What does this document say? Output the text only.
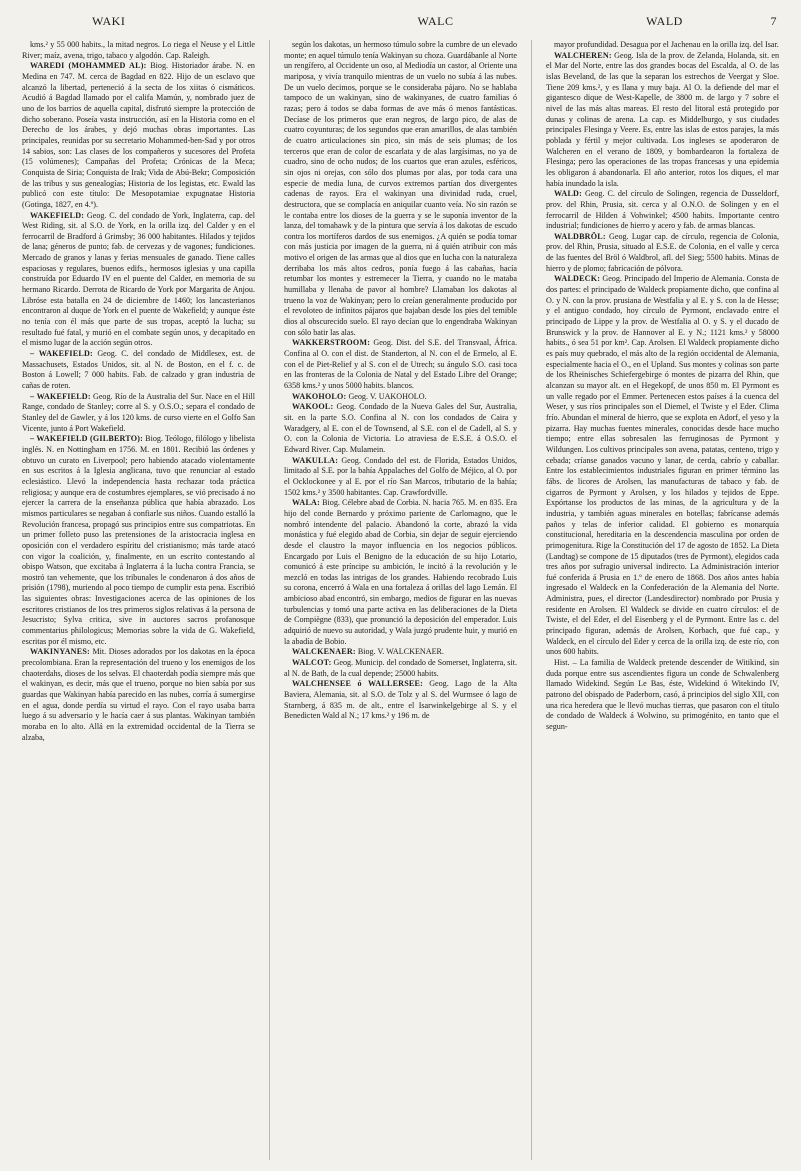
WAKI	WALC	WALD	7

kms.² y 55 000 habits., la mitad negros. Lo riega el Neuse y el Little River; maíz, avena, trigo, tabaco y algodón. Cap. Raleigh.

WAREDI (MOHAMMED AL): Biog. Historiador árabe. N. en Medina en 747. M. cerca de Bagdad en 822. Hijo de un esclavo que alcanzó la libertad, perteneció á la secta de los xiitas ó cismáticos. Acudió á Bagdad llamado por el califa Mamún, y, nombrado juez de uno de los barrios de aquella capital, disfrutó siempre la protección de dicho soberano. Poseía vasta instrucción, así en la Historia como en el Derecho de los árabes, y dejó muchas obras importantes. Las principales, reunidas por su secretario Mohammed-ben-Sad y por otros 14 sabios, son: Las clases de los compañeros y sucesores del Profeta (15 volúmenes); Campañas del Profeta; Crónicas de la Meca; Conquista de Siria; Conquista de Irak; Vida de Abú-Bekr; Composición de las tribus y sus genealogías; Historia de los legistas, etc. Ewald las publicó con este título: De Mesopotamiae expugnatae Historia (Gotinga, 1827, en 4.º).

WAKEFIELD: Geog. C. del condado de York, Inglaterra, cap. del West Riding, sit. al S.O. de York, en la orilla izq. del Calder y en el ferrocarril de Bradford á Grimsby; 36 000 habitantes. Hilados y tejidos de lana; géneros de punto; fab. de cervezas y de vagones; fundiciones. Mercado de granos y lanas y ferias mensuales de ganado. Tiene calles espaciosas y regulares, buenos edifs., hermosos iglesias y una capilla construída por Eduardo IV en el puente del Calder, en memoria de su hermano Ricardo. Derrota de Ricardo de York por Margarita de Anjou. Libróse esta batalla en 24 de diciembre de 1460; los lancasterianos encontraron al duque de York en el puente de Wakefield; y aunque éste no tenía con él más que parte de sus tropas, aceptó la lucha; su resultado fué fatal, y murió en el combate según unos, y decapitado en el mismo lugar de la acción según otros.

– WAKEFIELD: Geog. C. del condado de Middlesex, est. de Massachusets, Estados Unidos, sit. al N. de Boston, en el f. c. de Boston á Lowell; 7 000 habits. Fab. de calzado y gran industria de cañas de roten.

– WAKEFIELD: Geog. Río de la Australia del Sur. Nace en el Hill Range, condado de Stanley; corre al S. y O.S.O.; separa el condado de Stanley del de Gawler, y á los 120 kms. de curso vierte en el Golfo San Vicente, junto á Port Wakefield.

– WAKEFIELD (GILBERTO): Biog. Teólogo, filólogo y libelista inglés. N. en Nottingham en 1756. M. en 1801. Recibió las órdenes y obtuvo un curato en Liverpool; pero habiendo atacado violentamente en sus escritos á la Iglesia anglicana, tuvo que renunciar al estado eclesiástico. Llevó la independencia hasta rechazar toda práctica religiosa; y aunque era de costumbres ejemplares, se vió precisado á no ejercer la carrera de la enseñanza pública que había abrazado. Los mismos particulares se negaban á confiarle sus niños. Cuando estalló la Revolución francesa, propagó sus principios entre sus compatriotas. En un primer folleto puso las pretensiones de la aristocracia inglesa en oposición con el verdadero espíritu del cristianismo; más tarde atacó con vigor la coalición, y, finalmente, en un escrito contestando al obispo Watson, que excitaba á Inglaterra á la lucha contra Francia, se mostró tan vehemente, que los tribunales le condenaron á dos años de prisión (1798), muriendo al poco tiempo de cumplir esta pena. Escribió las siguientes obras: Investigaciones acerca de las opiniones de los escritores cristianos de los tres primeros siglos relativas á la persona de Jesucristo; Sylva critica, sive in auctores sacros profanosque commentarius philologicus; Memorias sobre la vida de G. Wakefield, escritas por él mismo, etc.

WAKINYANES: Mit. Dioses adorados por los dakotas en la época precolombiana. Eran la representación del trueno y los enemigos de los chaoterdahs, dioses de los selvas. El chaoterdah podía siempre más que el wakinyan, es decir, más que el trueno, porque no bien sabía por sus guardas que Wakinyan había parecido en las nubes, corría á sumergirse en el agua, donde perdía su virtud el rayo. Con el rayo usaba barra luego á su adversario y le hacía caer á sus plantas. Wakinyan también moraba en lo alto. Allá en la extremidad occidental de la Tierra se alzaba,

según los dakotas, un hermoso túmulo sobre la cumbre de un elevado monte; en aquel túmulo tenía Wakinyan su choza. Guardábanle al Norte un rengífero, al Occidente un oso, al Mediodía un castor, al Oriente una mariposa, y vivía tranquilo mientras de un vuelo no subía á las nubes. De un vuelo decimos, porque se le consideraba pájaro. No se hablaba tampoco de un wakinyan, sino de wakinyanes, de cuatro familias ó razas; pero á todos se daba formas de ave más ó menos fantásticas. Decíase de los primeros que eran negros, de largo pico, de alas de cuatro coyunturas; de los segundos que eran amarillos, de alas también de cuatro articulaciones sin pico, sin más de seis plumas; de los terceros que eran de color de escarlata y de alas largísimas, no ya de cuadro, sino de ocho nudos; de los cuartos que eran azules, esféricos, sin ojos ni orejas, con sólo dos plumas por alas, por toda cara una especie de media luna, de curvos extremos partían dos divergentes cadenas de rayos. Era el wakinyan una divinidad ruda, cruel, destructora, que se complacía en aniquilar cuanto veía. No sin razón se le contaba entre los dioses de la guerra y se le suponía inventor de la lanza, del tomahawk y de la pintura que servía á los dakotas de escudo contra los mortíferos dardos de sus enemigos. ¿A quién se podía tomar con más justicia por imagen de la guerra, ni á quién atribuir con más motivo el origen de las armas que al dios que en lucha con la naturaleza derribaba los más altos cedros, ponía fuego á las cabañas, hacía retumbar los montes y estremecer la Tierra, y cuando no le mataba humillaba y llenaba de pavor al hombre? Llamaban los dakotas al trueno la voz de Wakinyan; pero lo creían generalmente producido por el revoloteo de infinitos pájaros que bajaban desde los pies del temible dios al obscurecido suelo. El rayo decían que lo engendraba Wakinyan con sólo batir las alas.

WAKKERSTROOM: Geog. Dist. del S.E. del Transvaal, África. Confina al O. con el dist. de Standerton, al N. con el de Ermelo, al E. con el de Piet-Relief y al S. con el de Utrech; su ángulo S.O. casi toca en las fronteras de la Colonia de Natal y del Estado Libre del Orange; 6358 kms.² y unos 5000 habits. blancos.

WAKOHOLO: Geog. V. UAKOHOLO.

WAKOOL: Geog. Condado de la Nueva Gales del Sur, Australia, sit. en la parte S.O. Confina al N. con los condados de Caira y Waradgery, al E. con el de Townsend, al S.E. con el de Cadell, al S. y O. con la Colonia de Victoria. Lo atraviesa de E.S.E. á O.S.O. el Edward River. Cap. Mulamein.

WAKULLA: Geog. Condado del est. de Florida, Estados Unidos, limitado al S.E. por la bahía Appalaches del Golfo de Méjico, al O. por el Ocklockonee y al E. por el río San Marcos, tributario de la bahía; 1502 kms.² y 3500 habitantes. Cap. Crawfordville.

WALA: Biog. Célebre abad de Corbia. N. hacia 765. M. en 835. Era hijo del conde Bernardo y próximo pariente de Carlomagno, que le nombró intendente del palacio. Abandonó la corte, abrazó la vida monástica y fué elegido abad de Corbia, sin dejar de seguir ejerciendo desde el claustro la mayor influencia en los negocios públicos. Encargado por Luis el Benigno de la educación de su hijo Lotario, comunicó á este príncipe su ambición, le incitó á la revolución y le mezcló en todas las intrigas de los grandes. Habiendo recobrado Luis su corona, encerró á Wala en una fortaleza á orillas del lago Lemán. El ambicioso abad encontró, sin embargo, medios de figurar en las nuevas turbulencias y tomó una parte activa en las deliberaciones de la Dieta de Compiègne (833), que pronunció la deposición del emperador. Luis adquirió de nuevo su autoridad, y Wala juzgó prudente huir, y murió en la abadía de Bobio.

WALCKENAER: Biog. V. WALCKENAER.

WALCOT: Geog. Municip. del condado de Somerset, Inglaterra, sit. al N. de Bath, de la cual depende; 25000 habits.

WALCHENSEE ó WALLERSEE: Geog. Lago de la Alta Baviera, Alemania, sit. al S.O. de Tolz y al S. del Wurmsee ó lago de Starnberg, á 835 m. de alt., entre el Isarwinkelgebirge al S. y el Benedicten Wald al N.; 17 kms.² y 196 m. de

mayor profundidad. Desagua por el Jachenau en la orilla izq. del Isar.

WALCHEREN: Geog. Isla de la prov. de Zelanda, Holanda, sit. en el Mar del Norte, entre las dos grandes bocas del Escalda, al O. de las islas Beveland, de las que la separan los estrechos de Veergat y Sloe. Tiene 209 kms.², y es llana y muy baja. Al O. la defiende del mar el gigantesco dique de West-Kapelle, de 3800 m. de largo y 7 sobre el nivel de las más altas mareas. El resto del litoral está protegido por dunas y colinas de arena. La cap. es Middelburgo, y sus ciudades principales Flesinga y Veere. Es, entre las islas de estos parajes, la más poblada y fértil y mejor cultivada. Los ingleses se apoderaron de Walcheren en el verano de 1809, y bombardearon la fortaleza de Flesinga; pero las operaciones de las tropas francesas y una epidemia les obligaron á abandonarla. El año anterior, rotos los diques, el mar había inundado la isla.

WALD: Geog. C. del círculo de Solingen, regencia de Dusseldorf, prov. del Rhin, Prusia, sit. cerca y al O.N.O. de Solingen y en el ferrocarril de Hilden á Vohwinkel; 4500 habits. Importante centro industrial; fundiciones de hierro y acero y fab. de armas blancas.

WALDBRÖL: Geog. Lugar cap. de círculo, regencia de Colonia, prov. del Rhin, Prusia, situado al E.S.E. de Colonia, en el valle y cerca de las fuentes del Bröl ó Waldbrol, afl. del Sieg; 5500 habits. Minas de hierro y de plomo; fabricación de pólvora.

WALDECK: Geog. Principado del Imperio de Alemania. Consta de dos partes: el principado de Waldeck propiamente dicho, que confina al O. y N. con la prov. prusiana de Westfalia y al E. y S. con la de Hesse; y el antiguo condado, hoy círculo de Pyrmont, enclavado entre el principado de Lippe y la prov. de Westfalia al O. y S. y el ducado de Brunswick y la prov. de Hannover al E. y N.; 1121 kms.² y 58000 habits., ó sea 51 por km². Cap. Arolsen. El Waldeck propiamente dicho es país muy quebrado, el más alto de la región occidental de Alemania, especialmente hacia el O., en el Upland. Sus montes y colinas son parte de los Rheinisches Schiefergebirge ó montes de pizarra del Rhin, que alcanzan su mayor alt. en el Hegekopf, de unos 850 m. El Pyrmont es un valle regado por el Emmer. Pertenecen estos países á la cuenca del Weser, y sus ríos principales son el Diemel, el Twiste y el Eder. Clima frío. Abundan el mineral de hierro, que se explota en Adorf, el yeso y la pizarra. Hay muchas fuentes minerales, conocidas desde hace mucho tiempo; entre ellas sobresalen las ferruginosas de Pyrmont y Wildungen. Los cultivos principales son avena, patatas, centeno, trigo y cebada; críanse ganados vacuno y lanar, de cerda, cabrío y caballar. Entre los establecimientos industriales figuran en primer término las fábs. de licores de Arolsen, las manufacturas de tabaco y fab. de cigarros de Pyrmont y Arolsen, y los hilados y tejidos de Eppe. Expórtanse los productos de las minas, de la agricultura y de la industria, y también aguas minerales en botellas; fabrícanse además paños y telas de inferior calidad. El gobierno es monarquía constitucional, hereditaria en la descendencia masculina por orden de primogenitura. Rige la Constitución del 17 de agosto de 1852. La Dieta (Landtag) se compone de 15 diputados (tres de Pyrmont), elegidos cada tres años por sufragio universal indirecto. La Administración interior fué conferida á Prusia en 1.º de enero de 1868. Dos años antes había ingresado el Waldeck en la Confederación de la Alemania del Norte. Administra, pues, el director (Landesdirector) nombrado por Prusia y residente en Arolsen. El Waldeck se divide en cuatro círculos: el de Twiste, el del Eder, el del Eisenberg y el de Pyrmont. Entre las c. del principado figuran, además de Arolsen, Korbach, que fué cap., y Waldeck, en el círculo del Eder y cerca de la orilla izq. de este río, con unos 600 habits.

Hist. – La familia de Waldeck pretende descender de Witikind, sin duda porque entre sus ascendientes figura un conde de Schwalenberg llamado Widekind. Según Le Bas, éste, Widekind ó Witekindo IV, patrono del obispado de Paderborn, casó, á principios del siglo XII, con una rica heredera que le llevó muchas tierras, que pasaron con el título de condado de Waldeck á Wolwino, su primogénito, en tanto que el segun-
